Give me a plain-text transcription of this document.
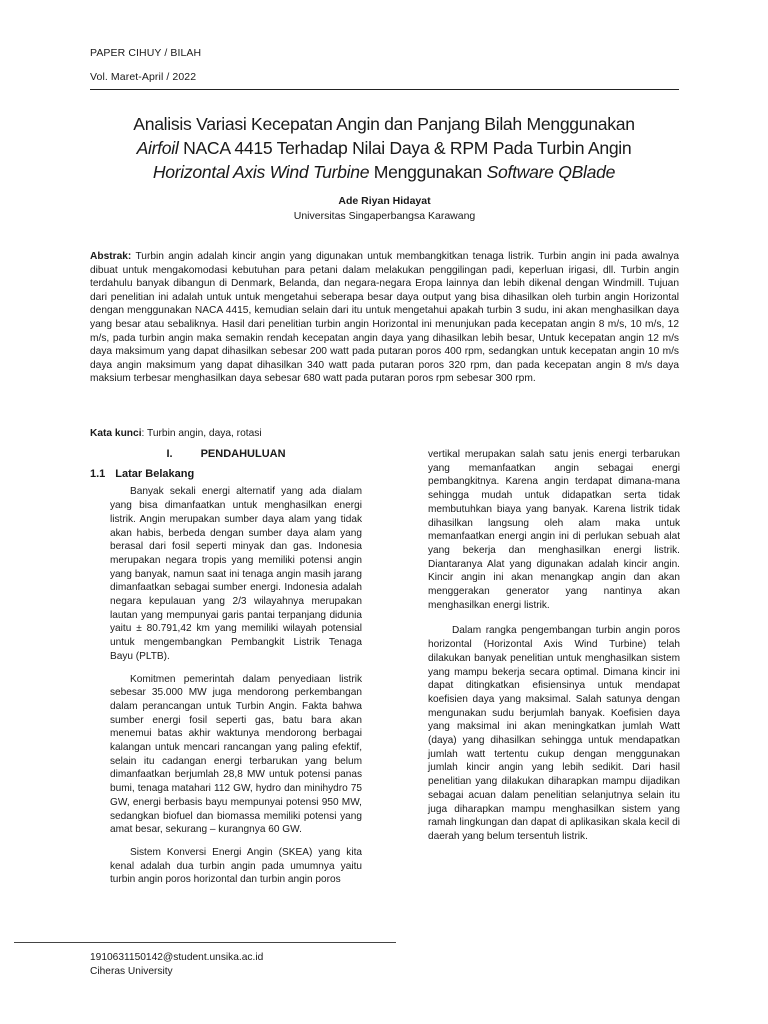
PAPER CIHUY / BILAH
Vol. Maret-April / 2022
Analisis Variasi Kecepatan Angin dan Panjang Bilah Menggunakan
Airfoil NACA 4415 Terhadap Nilai Daya & RPM Pada Turbin Angin
Horizontal Axis Wind Turbine Menggunakan Software QBlade
Ade Riyan Hidayat
Universitas Singaperbangsa Karawang
Abstrak: Turbin angin adalah kincir angin yang digunakan untuk membangkitkan tenaga listrik. Turbin angin ini pada awalnya dibuat untuk mengakomodasi kebutuhan para petani dalam melakukan penggilingan padi, keperluan irigasi, dll. Turbin angin terdahulu banyak dibangun di Denmark, Belanda, dan negara-negara Eropa lainnya dan lebih dikenal dengan Windmill. Tujuan dari penelitian ini adalah untuk untuk mengetahui seberapa besar daya output yang bisa dihasilkan oleh turbin angin Horizontal dengan menggunakan NACA 4415, kemudian selain dari itu untuk mengetahui apakah turbin 3 sudu, ini akan menghasilkan daya yang besar atau sebaliknya. Hasil dari penelitian turbin angin Horizontal ini menunjukan pada kecepatan angin 8 m/s, 10 m/s, 12 m/s, pada turbin angin maka semakin rendah kecepatan angin daya yang dihasilkan lebih besar, Untuk kecepatan angin 12 m/s daya maksimum yang dapat dihasilkan sebesar 200 watt pada putaran poros 400 rpm, sedangkan untuk kecepatan angin 10 m/s daya angin maksimum yang dapat dihasilkan 340 watt pada putaran poros 320 rpm, dan pada kecepatan angin 8 m/s daya maksium terbesar menghasilkan daya sebesar 680 watt pada putaran poros rpm sebesar 300 rpm.
Kata kunci: Turbin angin, daya, rotasi
I.	PENDAHULUAN
1.1 Latar Belakang

Banyak sekali energi alternatif yang ada dialam yang bisa dimanfaatkan untuk menghasilkan energi listrik. Angin merupakan sumber daya alam yang tidak akan habis, berbeda dengan sumber daya alam yang berasal dari fosil seperti minyak dan gas. Indonesia merupakan negara tropis yang memiliki potensi angin yang banyak, namun saat ini tenaga angin masih jarang dimanfaatkan sebagai sumber energi. Indonesia adalah negara kepulauan yang 2/3 wilayahnya merupakan lautan yang mempunyai garis pantai terpanjang didunia yaitu ± 80.791,42 km yang memiliki wilayah potensial untuk mengembangkan Pembangkit Listrik Tenaga Bayu (PLTB).

Komitmen pemerintah dalam penyediaan listrik sebesar 35.000 MW juga mendorong perkembangan dalam perancangan untuk Turbin Angin. Fakta bahwa sumber energi fosil seperti gas, batu bara akan menemui batas akhir waktunya mendorong berbagai kalangan untuk mencari rancangan yang paling efektif, selain itu cadangan energi terbarukan yang belum dimanfaatkan berjumlah 28,8 MW untuk potensi panas bumi, tenaga matahari 112 GW, hydro dan minihydro 75 GW, energi berbasis bayu mempunyai potensi 950 MW, sedangkan biofuel dan biomassa memiliki potensi yang amat besar, sekurang – kurangnya 60 GW.

Sistem Konversi Energi Angin (SKEA) yang kita kenal adalah dua turbin angin pada umumnya yaitu turbin angin poros horizontal dan turbin angin poros

vertikal merupakan salah satu jenis energi terbarukan yang memanfaatkan angin sebagai energi pembangkitnya. Karena angin terdapat dimana-mana sehingga mudah untuk didapatkan serta tidak membutuhkan biaya yang banyak. Karena listrik tidak dihasilkan langsung oleh alam maka untuk memanfaatkan energi angin ini di perlukan sebuah alat yang bekerja dan menghasilkan energi listrik. Diantaranya Alat yang digunakan adalah kincir angin. Kincir angin ini akan menangkap angin dan akan menggerakan generator yang nantinya akan menghasilkan energi listrik.

Dalam rangka pengembangan turbin angin poros horizontal (Horizontal Axis Wind Turbine) telah dilakukan banyak penelitian untuk menghasilkan sistem yang mampu bekerja secara optimal. Dimana kincir ini dapat ditingkatkan efisiensinya untuk mendapat koefisien daya yang maksimal. Salah satunya dengan mengunakan sudu berjumlah banyak. Koefisien daya yang maksimal ini akan meningkatkan jumlah Watt (daya) yang dihasilkan sehingga untuk mendapatkan jumlah watt tertentu cukup dengan menggunakan jumlah kincir angin yang lebih sedikit. Dari hasil penelitian yang dilakukan diharapkan mampu dijadikan sebagai acuan dalam penelitian selanjutnya selain itu juga diharapkan mampu menghasilkan sistem yang ramah lingkungan dan dapat di aplikasikan skala kecil di daerah yang belum tersentuh listrik.

1910631150142@student.unsika.ac.id
Ciheras University
